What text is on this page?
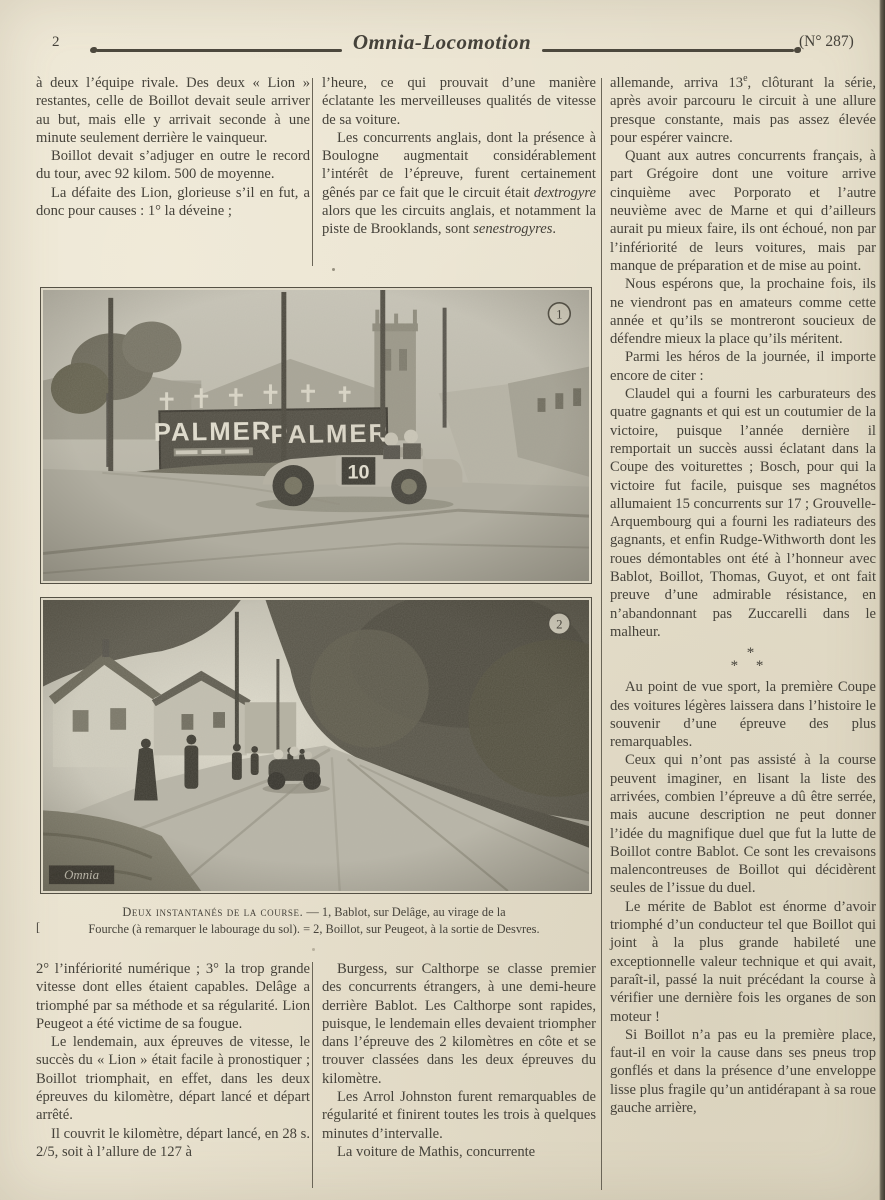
2	Omnia-Locomotion	(N° 287)

à deux l’équipe rivale. Des deux « Lion » restantes, celle de Boillot devait seule arriver au but, mais elle y arrivait seconde à une minute seulement derrière le vainqueur.

Boillot devait s’adjuger en outre le record du tour, avec 92 kilom. 500 de moyenne.

La défaite des Lion, glorieuse s’il en fut, a donc pour causes : 1° la déveine ;

l’heure, ce qui prouvait d’une manière éclatante les merveilleuses qualités de vitesse de sa voiture.

Les concurrents anglais, dont la présence à Boulogne augmentait considérablement l’intérêt de l’épreuve, furent certainement gênés par ce fait que le circuit était dextrogyre alors que les circuits anglais, et notamment la piste de Brooklands, sont senestrogyres.

allemande, arriva 13e, clôturant la série, après avoir parcouru le circuit à une allure presque constante, mais pas assez élevée pour espérer vaincre.

Quant aux autres concurrents français, à part Grégoire dont une voiture arrive cinquième avec Porporato et l’autre neuvième avec de Marne et qui d’ailleurs aurait pu mieux faire, ils ont échoué, non par l’infériorité de leurs voitures, mais par manque de préparation et de mise au point.

Nous espérons que, la prochaine fois, ils ne viendront pas en amateurs comme cette année et qu’ils se montreront soucieux de défendre mieux la place qu’ils méritent.

Parmi les héros de la journée, il importe encore de citer :

Claudel qui a fourni les carburateurs des quatre gagnants et qui est un coutumier de la victoire, puisque l’année dernière il remportait un succès aussi éclatant dans la Coupe des voiturettes ; Bosch, pour qui la victoire fut facile, puisque ses magnétos allumaient 15 concurrents sur 17 ; Grouvelle-Arquembourg qui a fourni les radiateurs des gagnants, et enfin Rudge-Withworth dont les roues démontables ont été à l’honneur avec Bablot, Boillot, Thomas, Guyot, et ont fait preuve d’une admirable résistance, en n’abandonnant pas Zuccarelli dans le malheur.

*
* *

Au point de vue sport, la première Coupe des voitures légères laissera dans l’histoire le souvenir d’une épreuve des plus remarquables.

Ceux qui n’ont pas assisté à la course peuvent imaginer, en lisant la liste des arrivées, combien l’épreuve a dû être serrée, mais aucune description ne peut donner l’idée du magnifique duel que fut la lutte de Boillot contre Bablot. Ce sont les crevaisons malencontreuses de Boillot qui décidèrent seules de l’issue du duel.

Le mérite de Bablot est énorme d’avoir triomphé d’un conducteur tel que Boillot qui joint à la plus grande habileté une exceptionnelle valeur technique et qui avait, paraît-il, passé la nuit précédant la course à vérifier une dernière fois les organes de son moteur !

Si Boillot n’a pas eu la première place, faut-il en voir la cause dans ses pneus trop gonflés et dans la présence d’une enveloppe lisse plus fragile qu’un antidérapant à sa roue gauche arrière,

[
Deux instantanés de la course. — 1, Bablot, sur Delâge, au virage de la
Fourche (à remarquer le labourage du sol). = 2, Boillot, sur Peugeot, à la sortie de Desvres.

2° l’infériorité numérique ; 3° la trop grande vitesse dont elles étaient capables. Delâge a triomphé par sa méthode et sa régularité. Lion Peugeot a été victime de sa fougue.

Le lendemain, aux épreuves de vitesse, le succès du « Lion » était facile à pronostiquer ; Boillot triomphait, en effet, dans les deux épreuves du kilomètre, départ lancé et départ arrêté.

Il couvrit le kilomètre, départ lancé, en 28 s. 2/5, soit à l’allure de 127 à

Burgess, sur Calthorpe se classe premier des concurrents étrangers, à une demi-heure derrière Bablot. Les Calthorpe sont rapides, puisque, le lendemain elles devaient triompher dans l’épreuve des 2 kilomètres en côte et se trouver classées dans les deux épreuves du kilomètre.

Les Arrol Johnston furent remarquables de régularité et finirent toutes les trois à quelques minutes d’intervalle.

La voiture de Mathis, concurrente
